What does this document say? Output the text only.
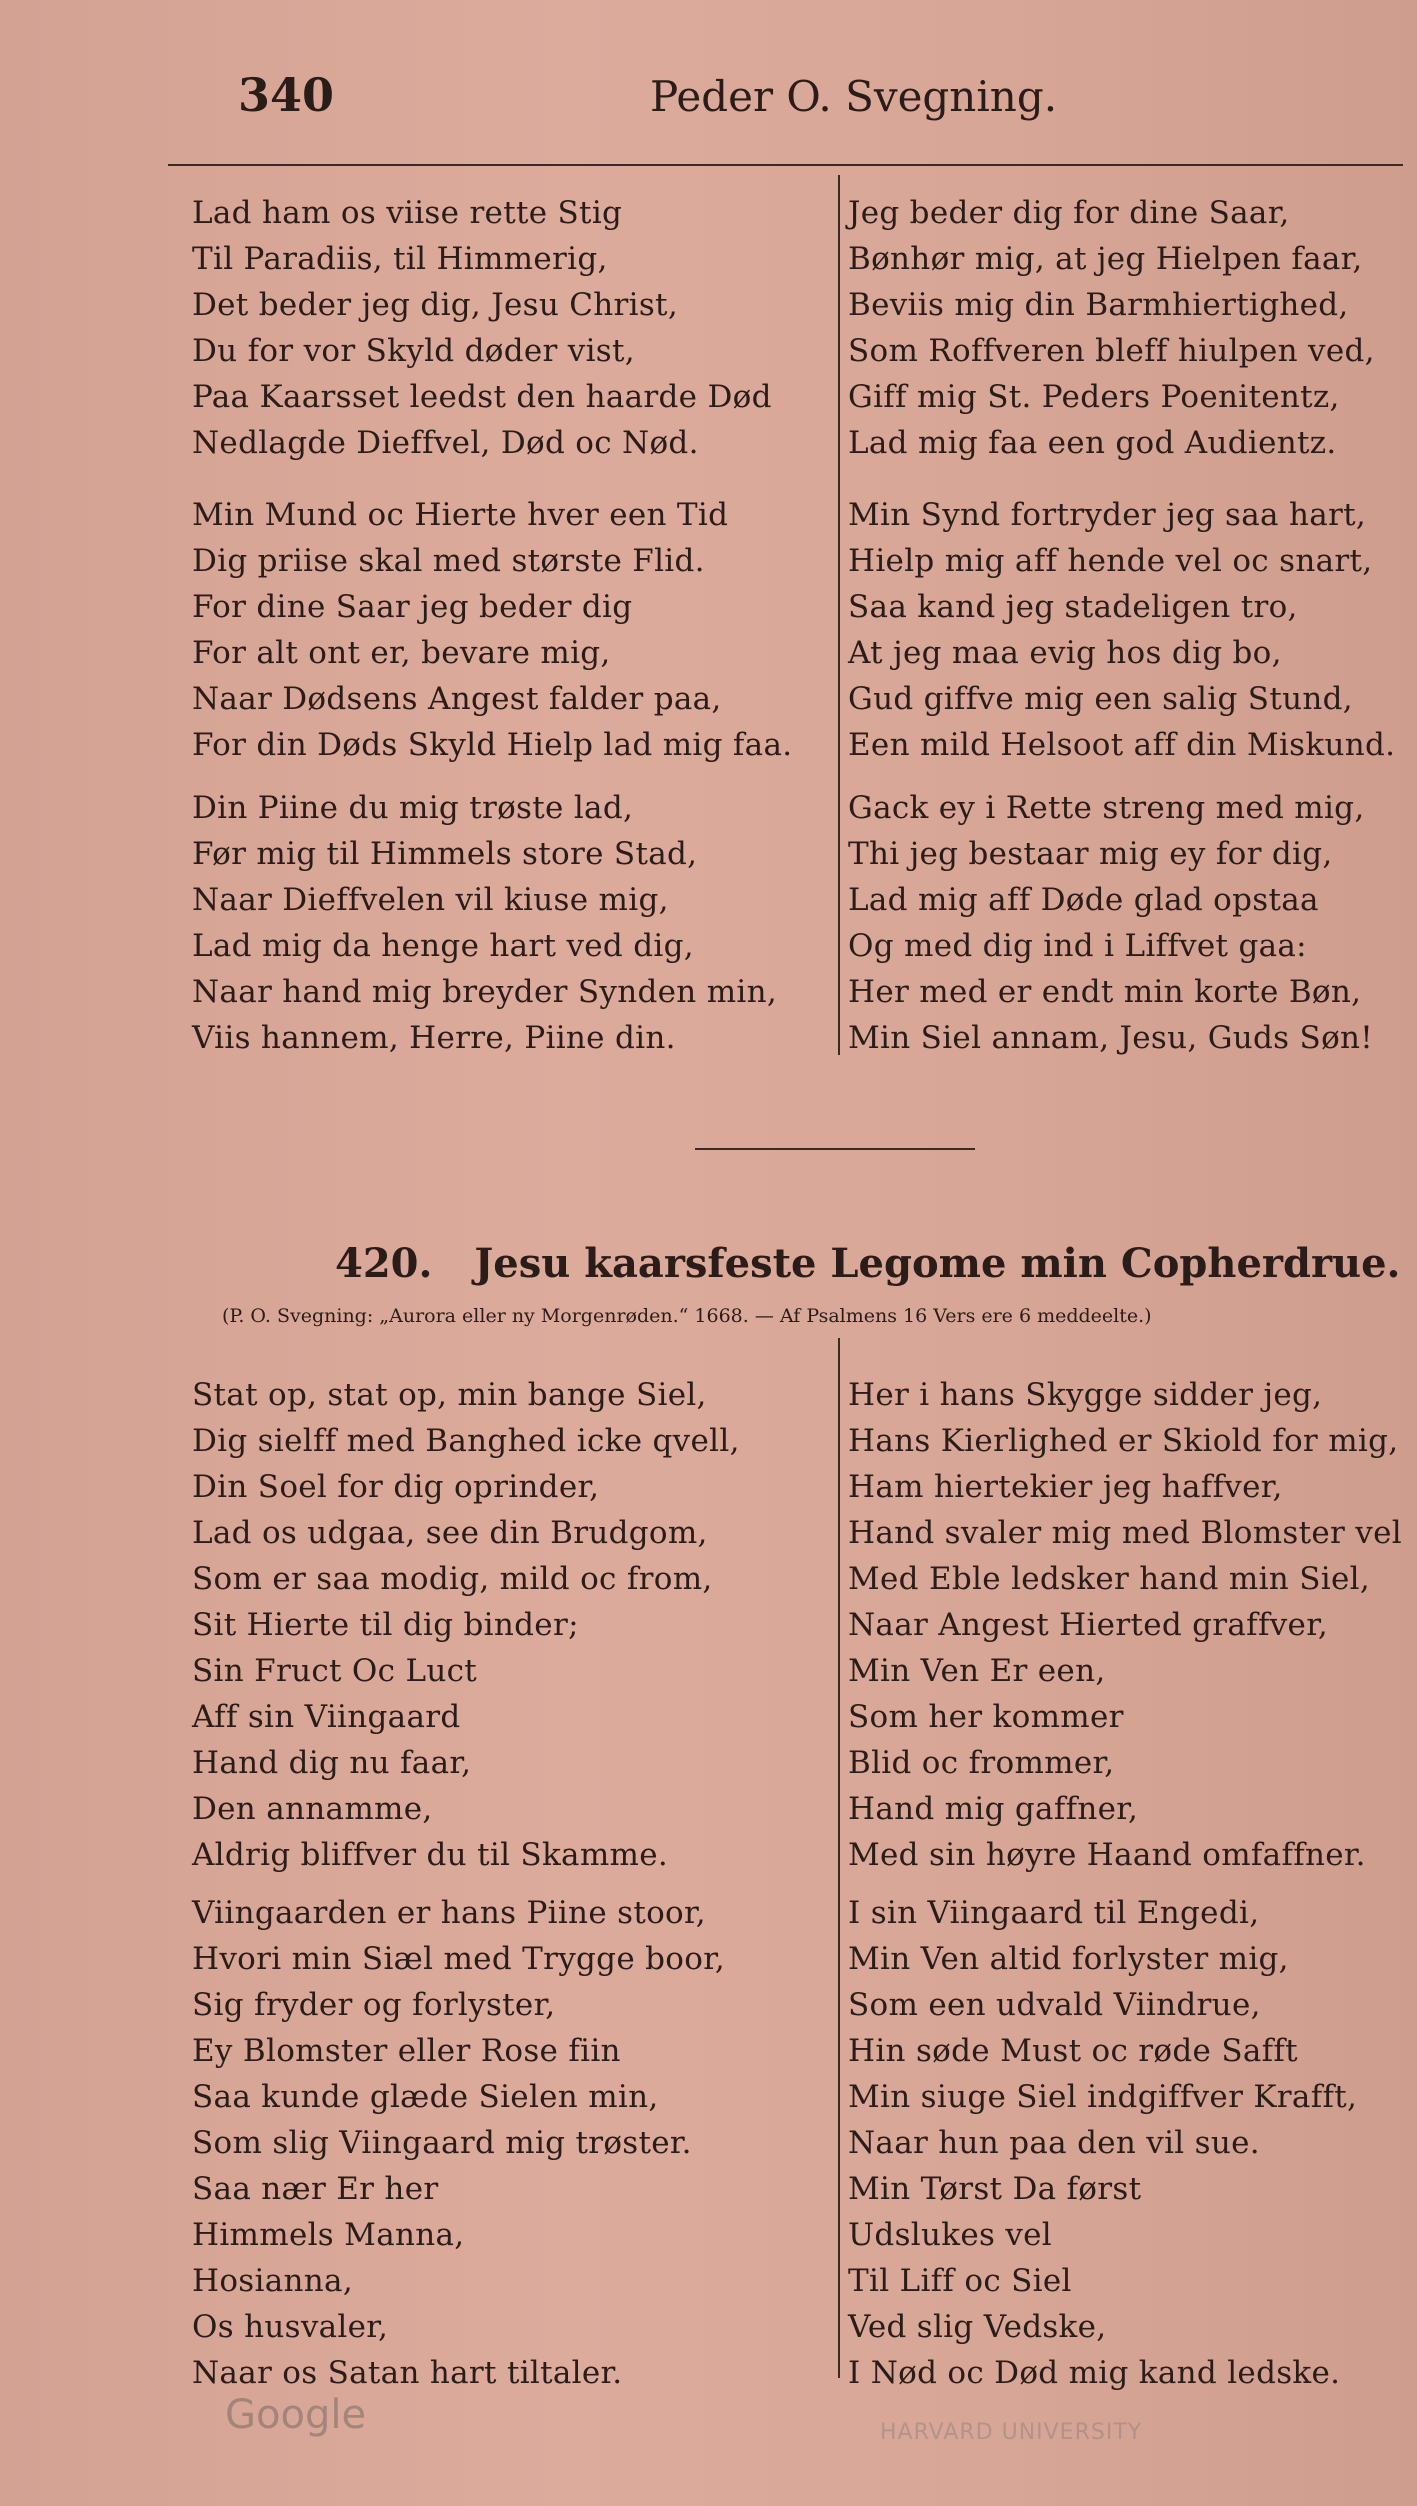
340	Peder O. Svegning.
Lad ham os viise rette Stig
Til Paradiis, til Himmerig,
Det beder jeg dig, Jesu Christ,
Du for vor Skyld døder vist,
Paa Kaarsset leedst den haarde Død
Nedlagde Dieffvel, Død oc Nød.
Min Mund oc Hierte hver een Tid
Dig priise skal med største Flid.
For dine Saar jeg beder dig
For alt ont er, bevare mig,
Naar Dødsens Angest falder paa,
For din Døds Skyld Hielp lad mig faa.
Din Piine du mig trøste lad,
Før mig til Himmels store Stad,
Naar Dieffvelen vil kiuse mig,
Lad mig da henge hart ved dig,
Naar hand mig breyder Synden min,
Viis hannem, Herre, Piine din.
Jeg beder dig for dine Saar,
Bønhør mig, at jeg Hielpen faar,
Beviis mig din Barmhiertighed,
Som Roffveren bleff hiulpen ved,
Giff mig St. Peders Poenitentz,
Lad mig faa een god Audientz.
Min Synd fortryder jeg saa hart,
Hielp mig aff hende vel oc snart,
Saa kand jeg stadeligen tro,
At jeg maa evig hos dig bo,
Gud giffve mig een salig Stund,
Een mild Helsoot aff din Miskund.
Gack ey i Rette streng med mig,
Thi jeg bestaar mig ey for dig,
Lad mig aff Døde glad opstaa
Og med dig ind i Liffvet gaa:
Her med er endt min korte Bøn,
Min Siel annam, Jesu, Guds Søn!
420. Jesu kaarsfeste Legome min Copherdrue.
(P. O. Svegning: „Aurora eller ny Morgenrøden.“ 1668. — Af Psalmens 16 Vers ere 6 meddeelte.)
Stat op, stat op, min bange Siel,
Dig sielff med Banghed icke qvell,
Din Soel for dig oprinder,
Lad os udgaa, see din Brudgom,
Som er saa modig, mild oc from,
Sit Hierte til dig binder;
Sin Fruct Oc Luct
Aff sin Viingaard
Hand dig nu faar,
Den annamme,
Aldrig bliffver du til Skamme.
Viingaarden er hans Piine stoor,
Hvori min Siæl med Trygge boor,
Sig fryder og forlyster,
Ey Blomster eller Rose fiin
Saa kunde glæde Sielen min,
Som slig Viingaard mig trøster.
Saa nær Er her
Himmels Manna,
Hosianna,
Os husvaler,
Naar os Satan hart tiltaler.
Her i hans Skygge sidder jeg,
Hans Kierlighed er Skiold for mig,
Ham hiertekier jeg haffver,
Hand svaler mig med Blomster vel
Med Eble ledsker hand min Siel,
Naar Angest Hierted graffver,
Min Ven Er een,
Som her kommer
Blid oc frommer,
Hand mig gaffner,
Med sin høyre Haand omfaffner.
I sin Viingaard til Engedi,
Min Ven altid forlyster mig,
Som een udvald Viindrue,
Hin søde Must oc røde Safft
Min siuge Siel indgiffver Krafft,
Naar hun paa den vil sue.
Min Tørst Da først
Udslukes vel
Til Liff oc Siel
Ved slig Vedske,
I Nød oc Død mig kand ledske.
Google	HARVARD UNIVERSITY
